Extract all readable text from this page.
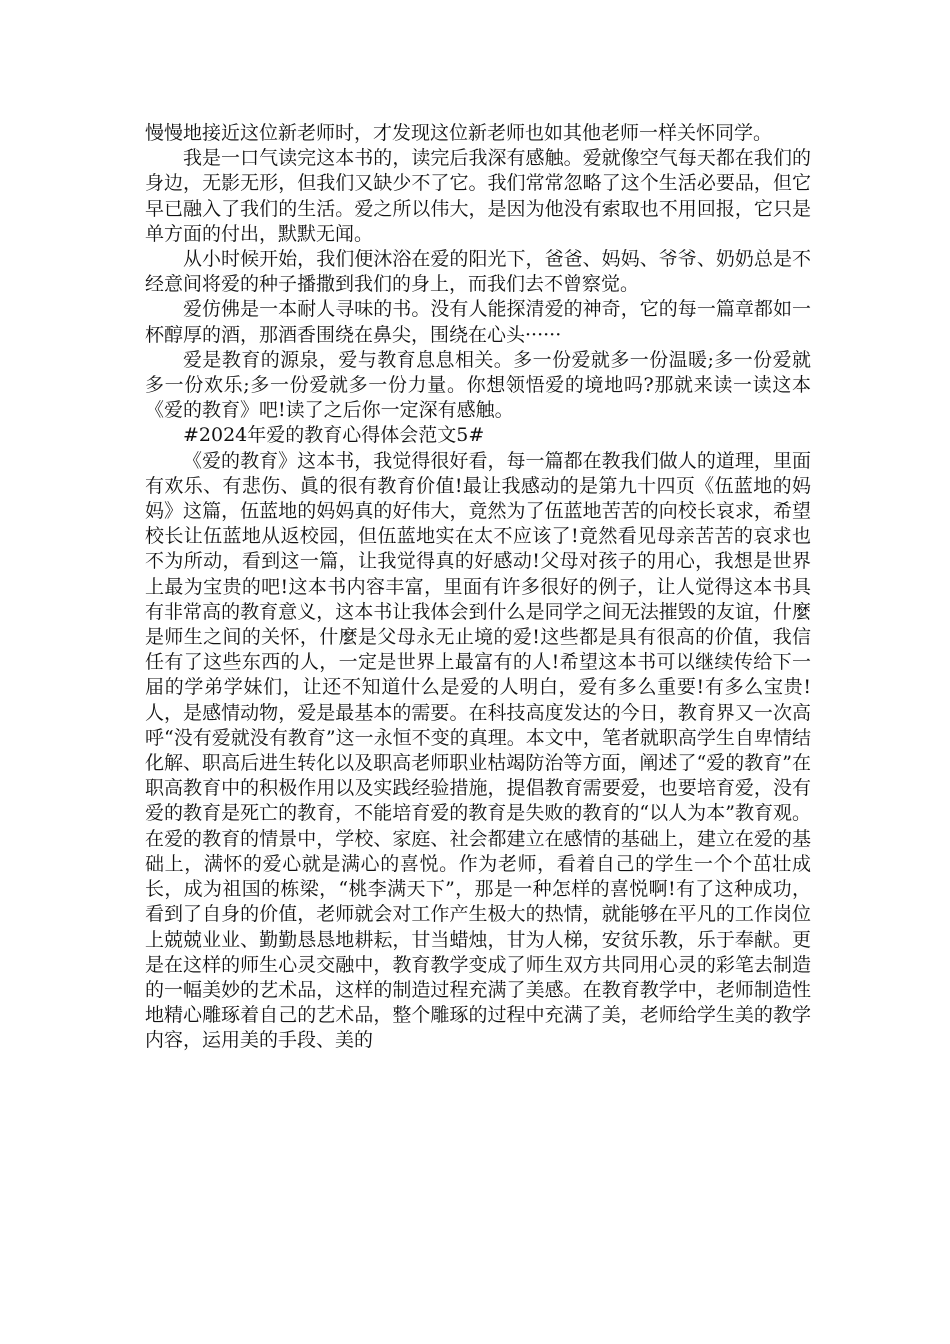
慢慢地接近这位新老师时，才发现这位新老师也如其他老师一样关怀同学。

我是一口气读完这本书的，读完后我深有感触。爱就像空气每天都在我们的身边，无影无形，但我们又缺少不了它。我们常常忽略了这个生活必要品，但它早已融入了我们的生活。爱之所以伟大，是因为他没有索取也不用回报，它只是单方面的付出，默默无闻。

从小时候开始，我们便沐浴在爱的阳光下，爸爸、妈妈、爷爷、奶奶总是不经意间将爱的种子播撒到我们的身上，而我们去不曾察觉。

爱仿佛是一本耐人寻味的书。没有人能探清爱的神奇，它的每一篇章都如一杯醇厚的酒，那酒香围绕在鼻尖，围绕在心头······

爱是教育的源泉，爱与教育息息相关。多一份爱就多一份温暖;多一份爱就多一份欢乐;多一份爱就多一份力量。你想领悟爱的境地吗?那就来读一读这本《爱的教育》吧!读了之后你一定深有感触。

#2024年爱的教育心得体会范文5#

《爱的教育》这本书，我觉得很好看，每一篇都在教我们做人的道理，里面有欢乐、有悲伤、眞的很有教育价值!最让我感动的是第九十四页《伍蓝地的妈妈》这篇，伍蓝地的妈妈真的好伟大，竟然为了伍蓝地苦苦的向校长哀求，希望校长让伍蓝地从返校园，但伍蓝地实在太不应该了!竟然看见母亲苦苦的哀求也不为所动，看到这一篇，让我觉得真的好感动!父母对孩子的用心，我想是世界上最为宝贵的吧!这本书内容丰富，里面有许多很好的例子，让人觉得这本书具有非常高的教育意义，这本书让我体会到什么是同学之间无法摧毁的友谊，什麼是师生之间的关怀，什麼是父母永无止境的爱!这些都是具有很高的价值，我信任有了这些东西的人，一定是世界上最富有的人!希望这本书可以继续传给下一届的学弟学妹们，让还不知道什么是爱的人明白，爱有多么重要!有多么宝贵!人，是感情动物，爱是最基本的需要。在科技高度发达的今日，教育界又一次高呼“没有爱就没有教育”这一永恒不变的真理。本文中，笔者就职高学生自卑情结化解、职高后进生转化以及职高老师职业枯竭防治等方面，阐述了“爱的教育”在职高教育中的积极作用以及实践经验措施，提倡教育需要爱，也要培育爱，没有爱的教育是死亡的教育，不能培育爱的教育是失败的教育的“以人为本”教育观。在爱的教育的情景中，学校、家庭、社会都建立在感情的基础上，建立在爱的基础上，满怀的爱心就是满心的喜悦。作为老师，看着自己的学生一个个茁壮成长，成为祖国的栋梁，“桃李满天下”，那是一种怎样的喜悦啊!有了这种成功，看到了自身的价值，老师就会对工作产生极大的热情，就能够在平凡的工作岗位上兢兢业业、勤勤恳恳地耕耘，甘当蜡烛，甘为人梯，安贫乐教，乐于奉献。更是在这样的师生心灵交融中，教育教学变成了师生双方共同用心灵的彩笔去制造的一幅美妙的艺术品，这样的制造过程充满了美感。在教育教学中，老师制造性地精心雕琢着自己的艺术品，整个雕琢的过程中充满了美，老师给学生美的教学内容，运用美的手段、美的
